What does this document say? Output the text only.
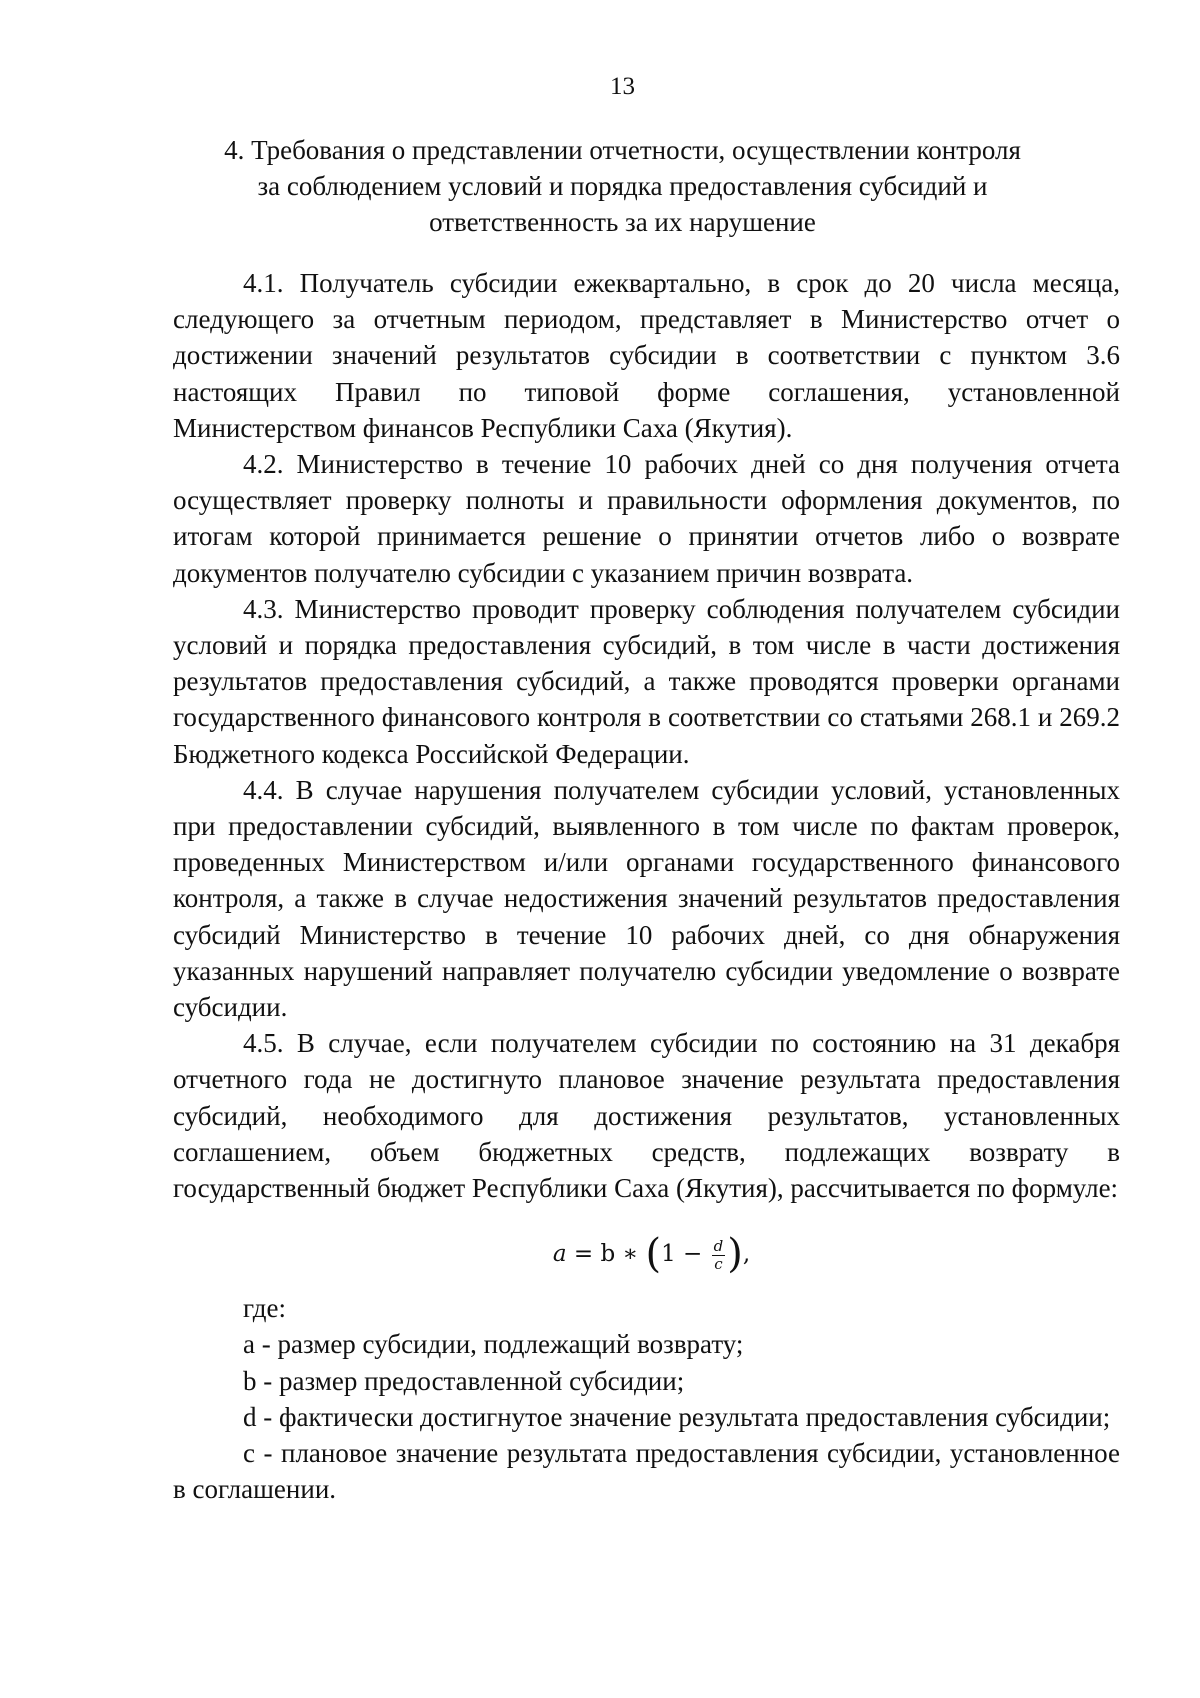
13
4. Требования о представлении отчетности, осуществлении контроля
за соблюдением условий и порядка предоставления субсидий и
ответственность за их нарушение

4.1. Получатель субсидии ежеквартально, в срок до 20 числа месяца, следующего за отчетным периодом, представляет в Министерство отчет о достижении значений результатов субсидии в соответствии с пунктом 3.6 настоящих Правил по типовой форме соглашения, установленной Министерством финансов Республики Саха (Якутия).

4.2. Министерство в течение 10 рабочих дней со дня получения отчета осуществляет проверку полноты и правильности оформления документов, по итогам которой принимается решение о принятии отчетов либо о возврате документов получателю субсидии с указанием причин возврата.

4.3. Министерство проводит проверку соблюдения получателем субсидии условий и порядка предоставления субсидий, в том числе в части достижения результатов предоставления субсидий, а также проводятся проверки органами государственного финансового контроля в соответствии со статьями 268.1 и 269.2 Бюджетного кодекса Российской Федерации.

4.4. В случае нарушения получателем субсидии условий, установленных при предоставлении субсидий, выявленного в том числе по фактам проверок, проведенных Министерством и/или органами государственного финансового контроля, а также в случае недостижения значений результатов предоставления субсидий Министерство в течение 10 рабочих дней, со дня обнаружения указанных нарушений направляет получателю субсидии уведомление о возврате субсидии.

4.5. В случае, если получателем субсидии по состоянию на 31 декабря отчетного года не достигнуто плановое значение результата предоставления субсидий, необходимого для достижения результатов, установленных соглашением, объем бюджетных средств, подлежащих возврату в государственный бюджет Республики Саха (Якутия), рассчитывается по формуле:

a = b ∗ ($1 - \frac{d}{c}$ ),

где:

a - размер субсидии, подлежащий возврату;

b - размер предоставленной субсидии;

d - фактически достигнутое значение результата предоставления субсидии;

c - плановое значение результата предоставления субсидии, установленное в соглашении.
